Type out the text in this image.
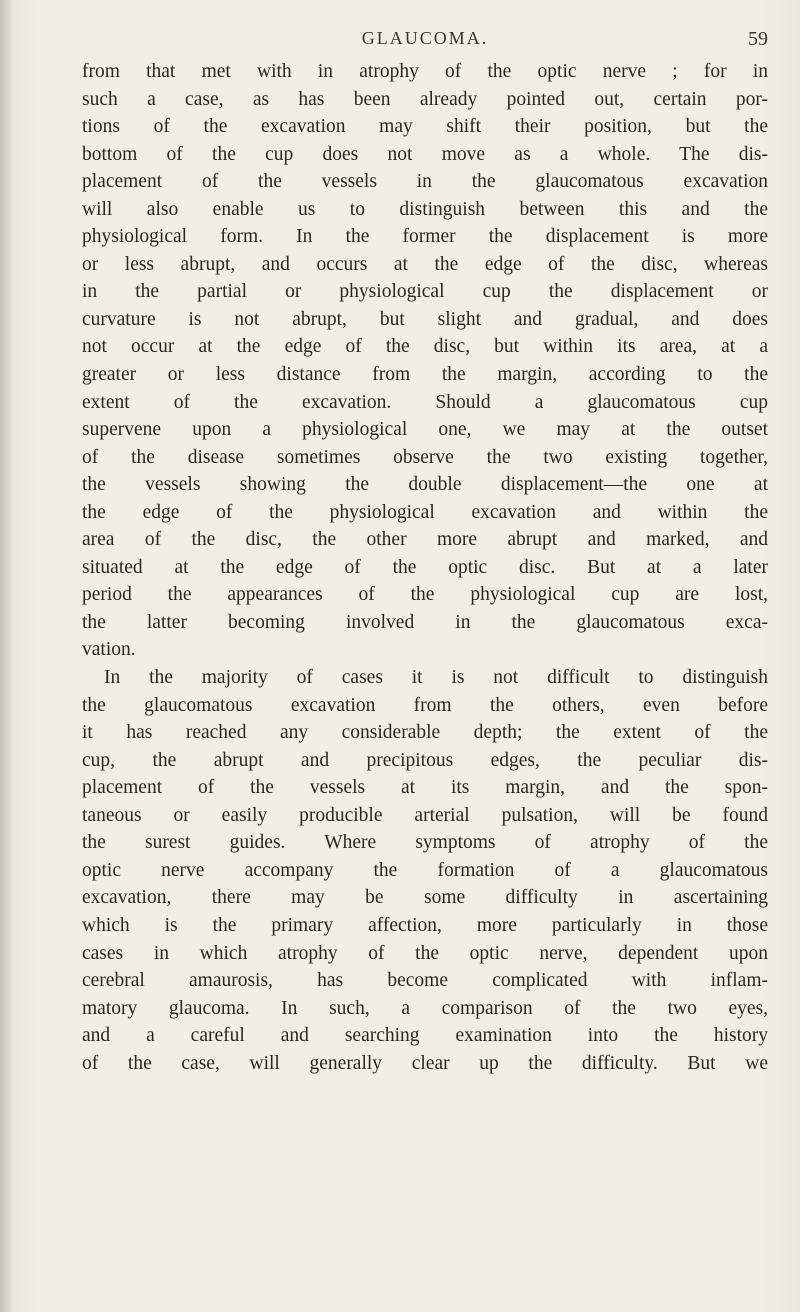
GLAUCOMA.	59
from that met with in atrophy of the optic nerve ; for in
such a case, as has been already pointed out, certain por-
tions of the excavation may shift their position, but the
bottom of the cup does not move as a whole. The dis-
placement of the vessels in the glaucomatous excavation
will also enable us to distinguish between this and the
physiological form. In the former the displacement is more
or less abrupt, and occurs at the edge of the disc, whereas
in the partial or physiological cup the displacement or
curvature is not abrupt, but slight and gradual, and does
not occur at the edge of the disc, but within its area, at a
greater or less distance from the margin, according to the
extent of the excavation. Should a glaucomatous cup
supervene upon a physiological one, we may at the outset
of the disease sometimes observe the two existing together,
the vessels showing the double displacement—the one at
the edge of the physiological excavation and within the
area of the disc, the other more abrupt and marked, and
situated at the edge of the optic disc. But at a later
period the appearances of the physiological cup are lost,
the latter becoming involved in the glaucomatous exca-
vation.
In the majority of cases it is not difficult to distinguish
the glaucomatous excavation from the others, even before
it has reached any considerable depth; the extent of the
cup, the abrupt and precipitous edges, the peculiar dis-
placement of the vessels at its margin, and the spon-
taneous or easily producible arterial pulsation, will be found
the surest guides. Where symptoms of atrophy of the
optic nerve accompany the formation of a glaucomatous
excavation, there may be some difficulty in ascertaining
which is the primary affection, more particularly in those
cases in which atrophy of the optic nerve, dependent upon
cerebral amaurosis, has become complicated with inflam-
matory glaucoma. In such, a comparison of the two eyes,
and a careful and searching examination into the history
of the case, will generally clear up the difficulty. But we
